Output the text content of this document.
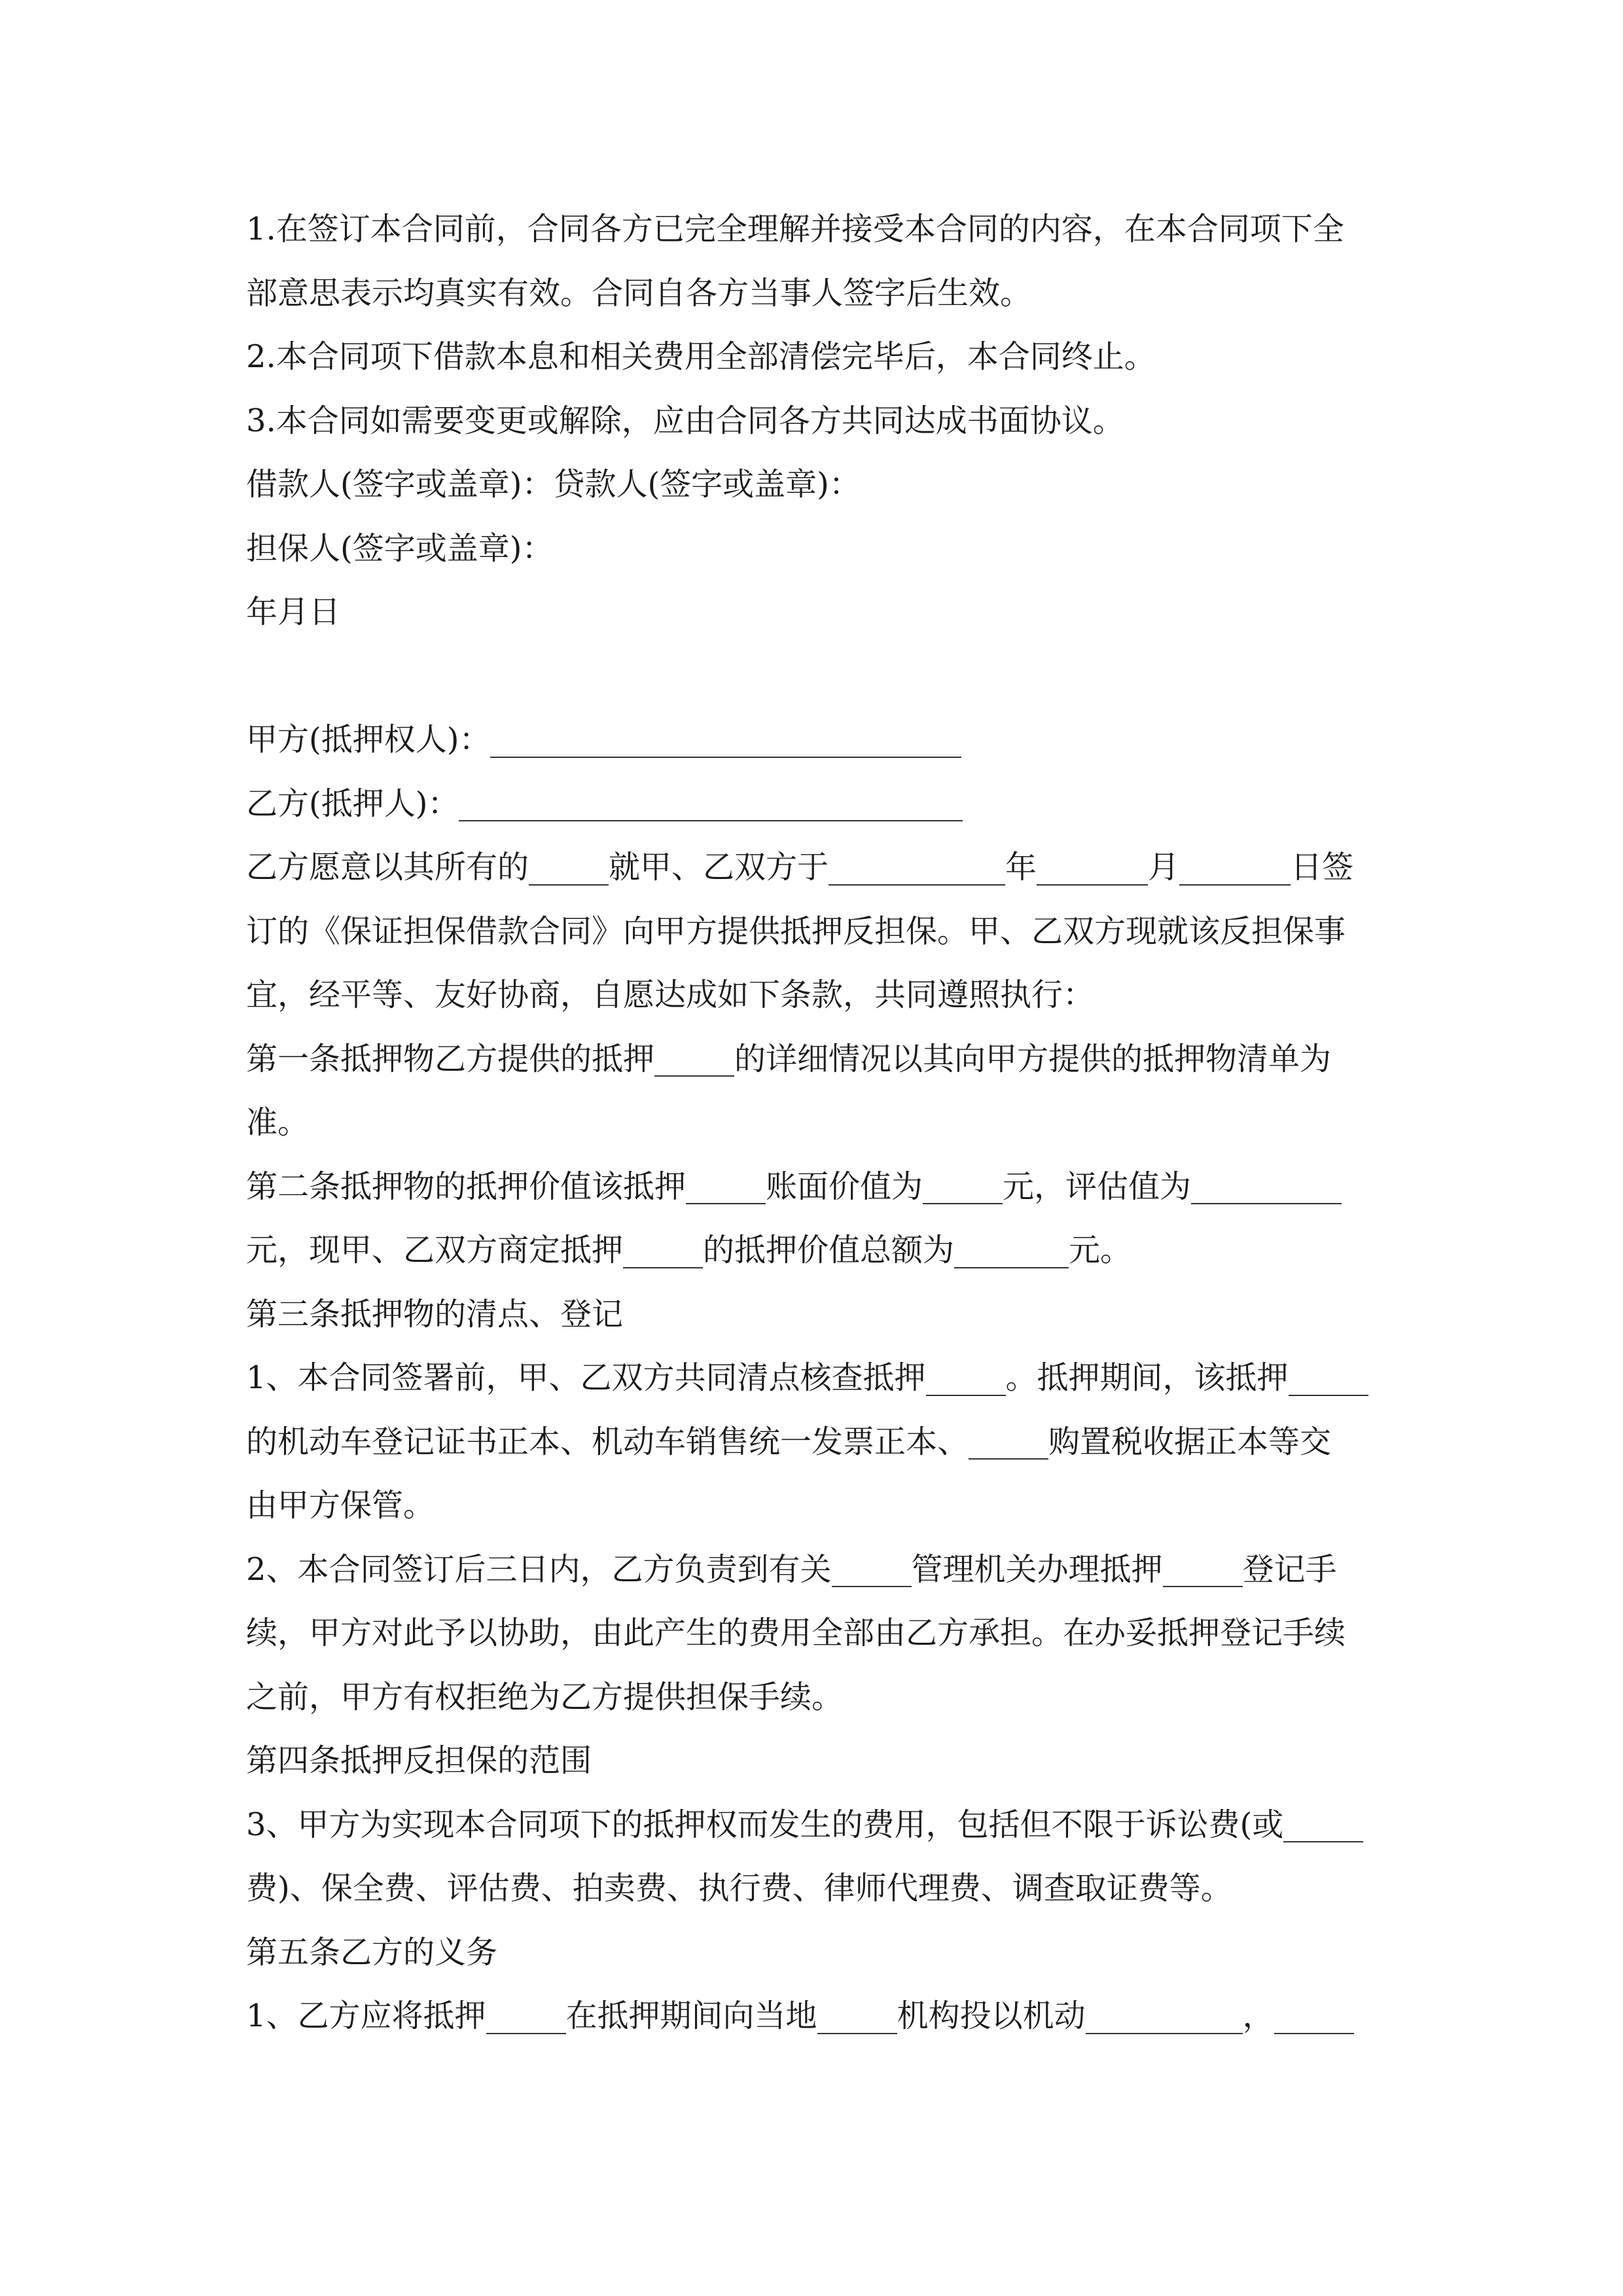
1.在签订本合同前，合同各方已完全理解并接受本合同的内容，在本合同项下全
部意思表示均真实有效。合同自各方当事人签字后生效。
2.本合同项下借款本息和相关费用全部清偿完毕后，本合同终止。
3.本合同如需要变更或解除，应由合同各方共同达成书面协议。
借款人(签字或盖章)：贷款人(签字或盖章)：
担保人(签字或盖章)：
年月日
甲方(抵押权人)：
乙方(抵押人)：
乙方愿意以其所有的	就甲、乙双方于	年	月	日签
订的《保证担保借款合同》向甲方提供抵押反担保。甲、乙双方现就该反担保事
宜，经平等、友好协商，自愿达成如下条款，共同遵照执行：
第一条抵押物乙方提供的抵押	的详细情况以其向甲方提供的抵押物清单为
准。
第二条抵押物的抵押价值该抵押	账面价值为	元，评估值为
元，现甲、乙双方商定抵押	的抵押价值总额为	元。
第三条抵押物的清点、登记
1、本合同签署前，甲、乙双方共同清点核查抵押	。抵押期间，该抵押
的机动车登记证书正本、机动车销售统一发票正本、	购置税收据正本等交
由甲方保管。
2、本合同签订后三日内，乙方负责到有关	管理机关办理抵押	登记手
续，甲方对此予以协助，由此产生的费用全部由乙方承担。在办妥抵押登记手续
之前，甲方有权拒绝为乙方提供担保手续。
第四条抵押反担保的范围
3、甲方为实现本合同项下的抵押权而发生的费用，包括但不限于诉讼费(或
费)、保全费、评估费、拍卖费、执行费、律师代理费、调查取证费等。
第五条乙方的义务
1、乙方应将抵押	在抵押期间向当地	机构投以机动	，
